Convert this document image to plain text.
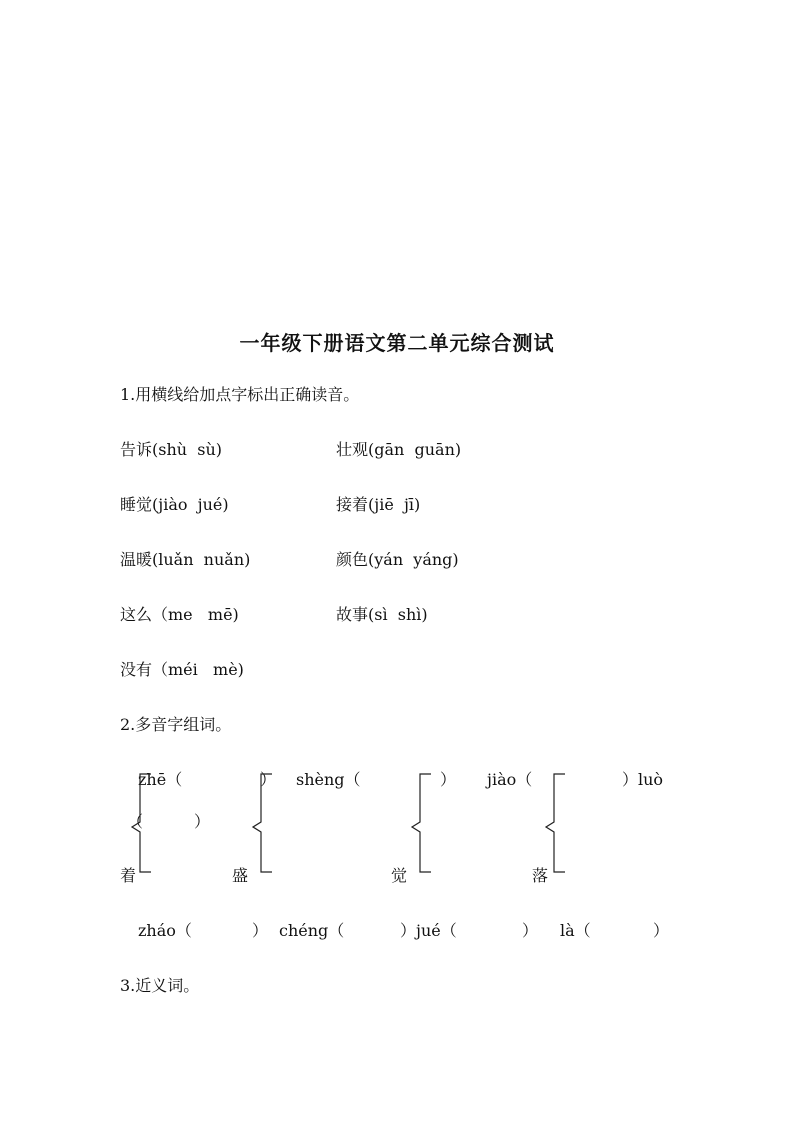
一年级下册语文第二单元综合测试
1.用横线给加点字标出正确读音。
告诉(shù  sù)	壮观(gān  guān)
睡觉(jiào  jué)	接着(jiē  jī)
温暖(luǎn  nuǎn)	颜色(yán  yáng)
这么（me   mē)	故事(sì  shì)
没有（méi   mè)
2.多音字组词。
zhē（	） shèng（	） jiào（	）luò
（	）
着	盛	觉	落
zháo（	） chéng（	）jué（	） là（	）
3.近义词。
